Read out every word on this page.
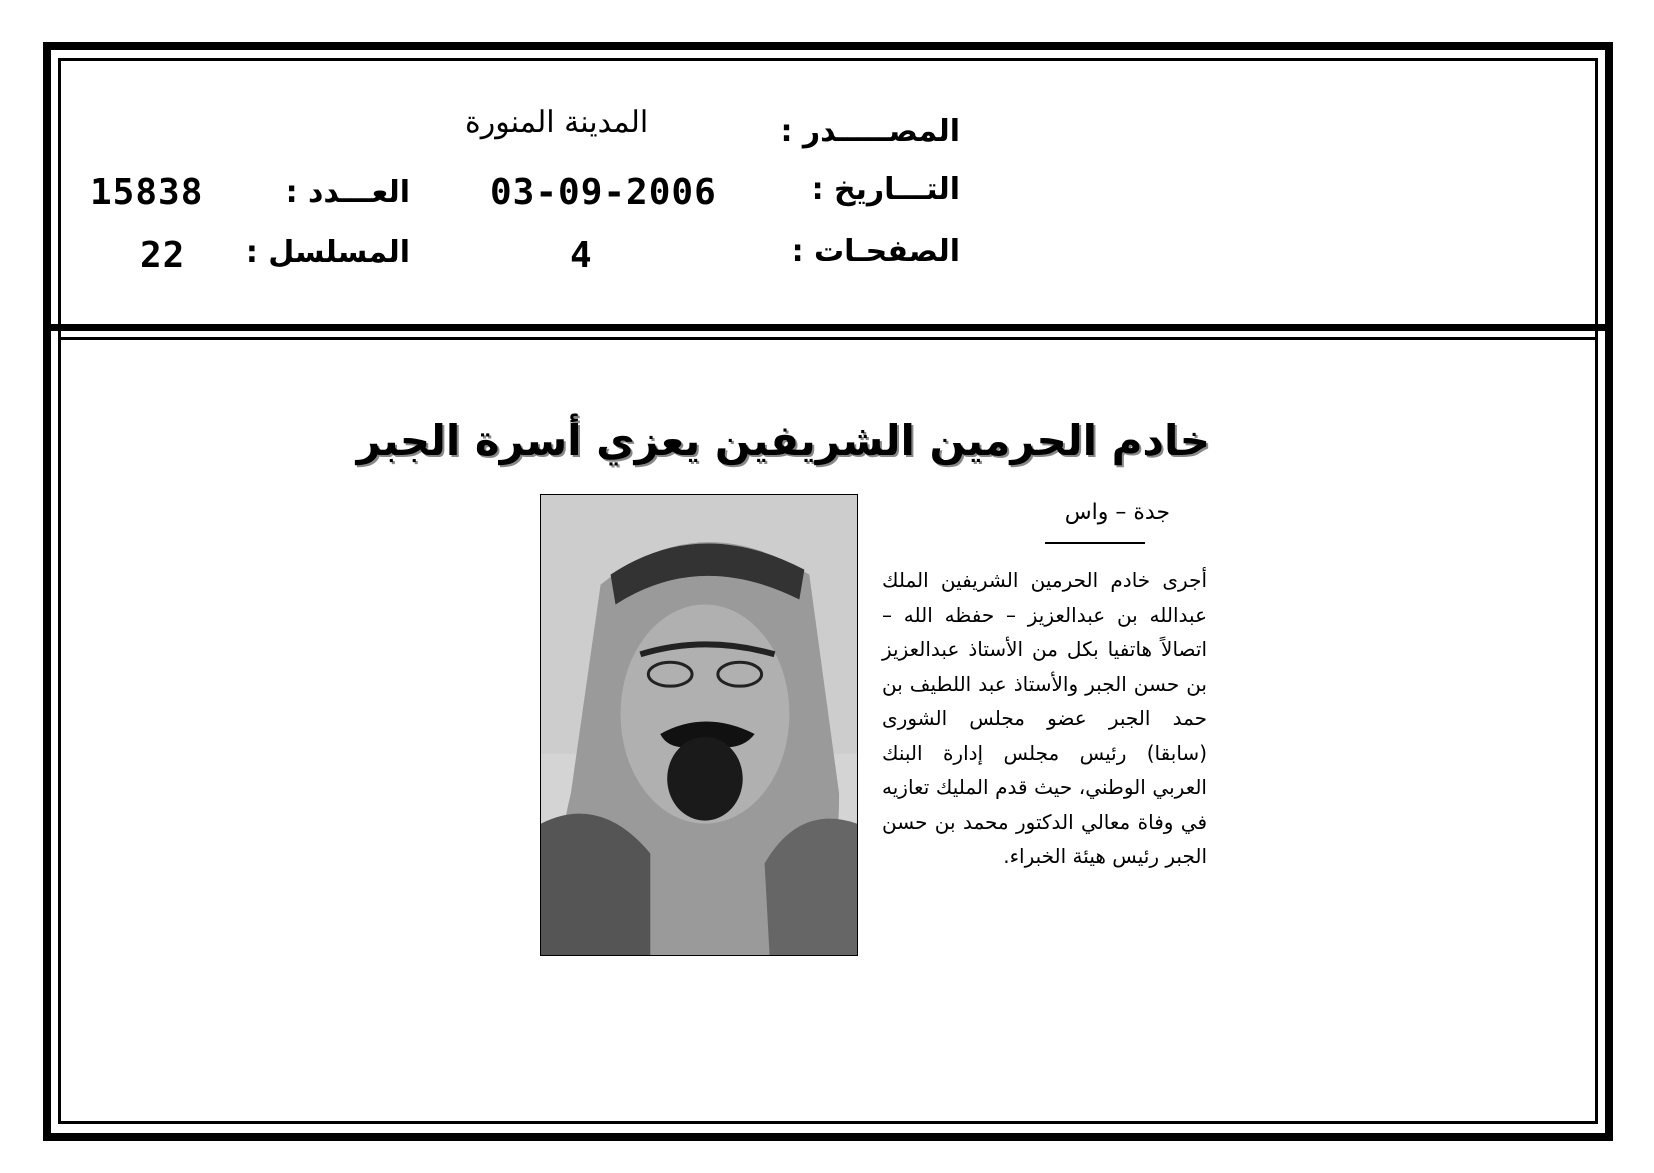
المصـــــدر :
المدينة المنورة
التـــاريخ :
03-09-2006
العـــدد :
15838
الصفحـات :
4
المسلسل :
22
خادم الحرمين الشريفين يعزي أسرة الجبر
جدة – واس
أجرى خادم الحرمين الشريفين الملك عبدالله بن عبدالعزيز – حفظه الله – اتصالاً هاتفيا بكل من الأستاذ عبدالعزيز بن حسن الجبر والأستاذ عبد اللطيف بن حمد الجبر عضو مجلس الشورى (سابقا) رئيس مجلس إدارة البنك العربي الوطني، حيث قدم المليك تعازيه في وفاة معالي الدكتور محمد بن حسن الجبر رئيس هيئة الخبراء.
